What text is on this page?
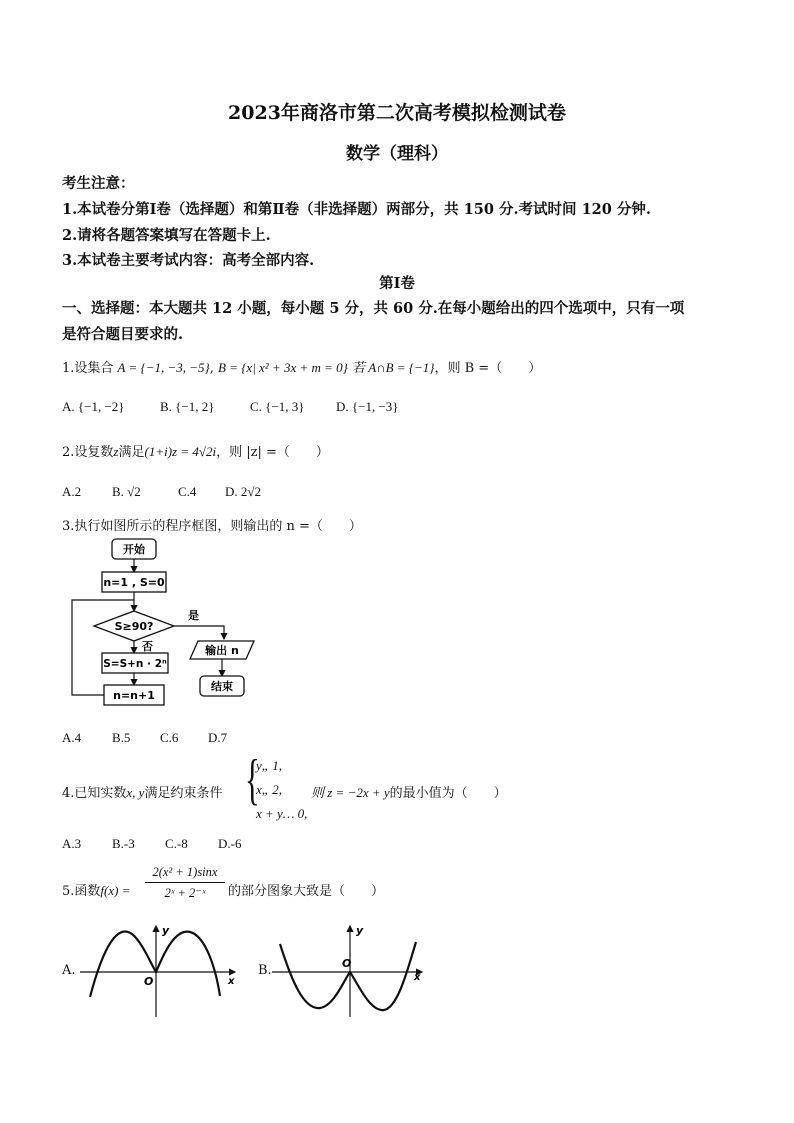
2023年商洛市第二次高考模拟检测试卷
数学（理科）
考生注意：
1.本试卷分第Ⅰ卷（选择题）和第Ⅱ卷（非选择题）两部分，共 150 分.考试时间 120 分钟.
2.请将各题答案填写在答题卡上.
3.本试卷主要考试内容：高考全部内容.
第Ⅰ卷
一、选择题：本大题共 12 小题，每小题 5 分，共 60 分.在每小题给出的四个选项中，只有一项
是符合题目要求的.
1.设集合 A = {−1, −3, −5}, B = {x| x² + 3x + m = 0} 若 A∩B = {−1}，则 B =（　　）
A. {−1, −2}	B. {−1, 2}	C. {−1, 3} D. {−1, −3}
2.设复数z满足(1+i)z = 4√2i，则 |z| =（　　）
A.2 B. √2	C.4 D. 2√2
3.执行如图所示的程序框图，则输出的 n =（　　）
开始
n=1 , S=0
S≥90?
是
输出 n
结束
否
S=S+n · 2ⁿ
n=n+1
A.4 B.5 C.6 D.7
4.已知实数x, y满足约束条件 {
y„ 1,
x„ 2,
x + y… 0,
则 z = −2x + y的最小值为（　　）
A.3 B.-3 C.-8 D.-6
5.函数$f(x) = \frac{\text{2(x² + 1)sinx}}{\text{2ˣ + 2⁻ˣ}}$ 的部分图象大致是（　　）
A.
y
x
O
B.
y
x
O
